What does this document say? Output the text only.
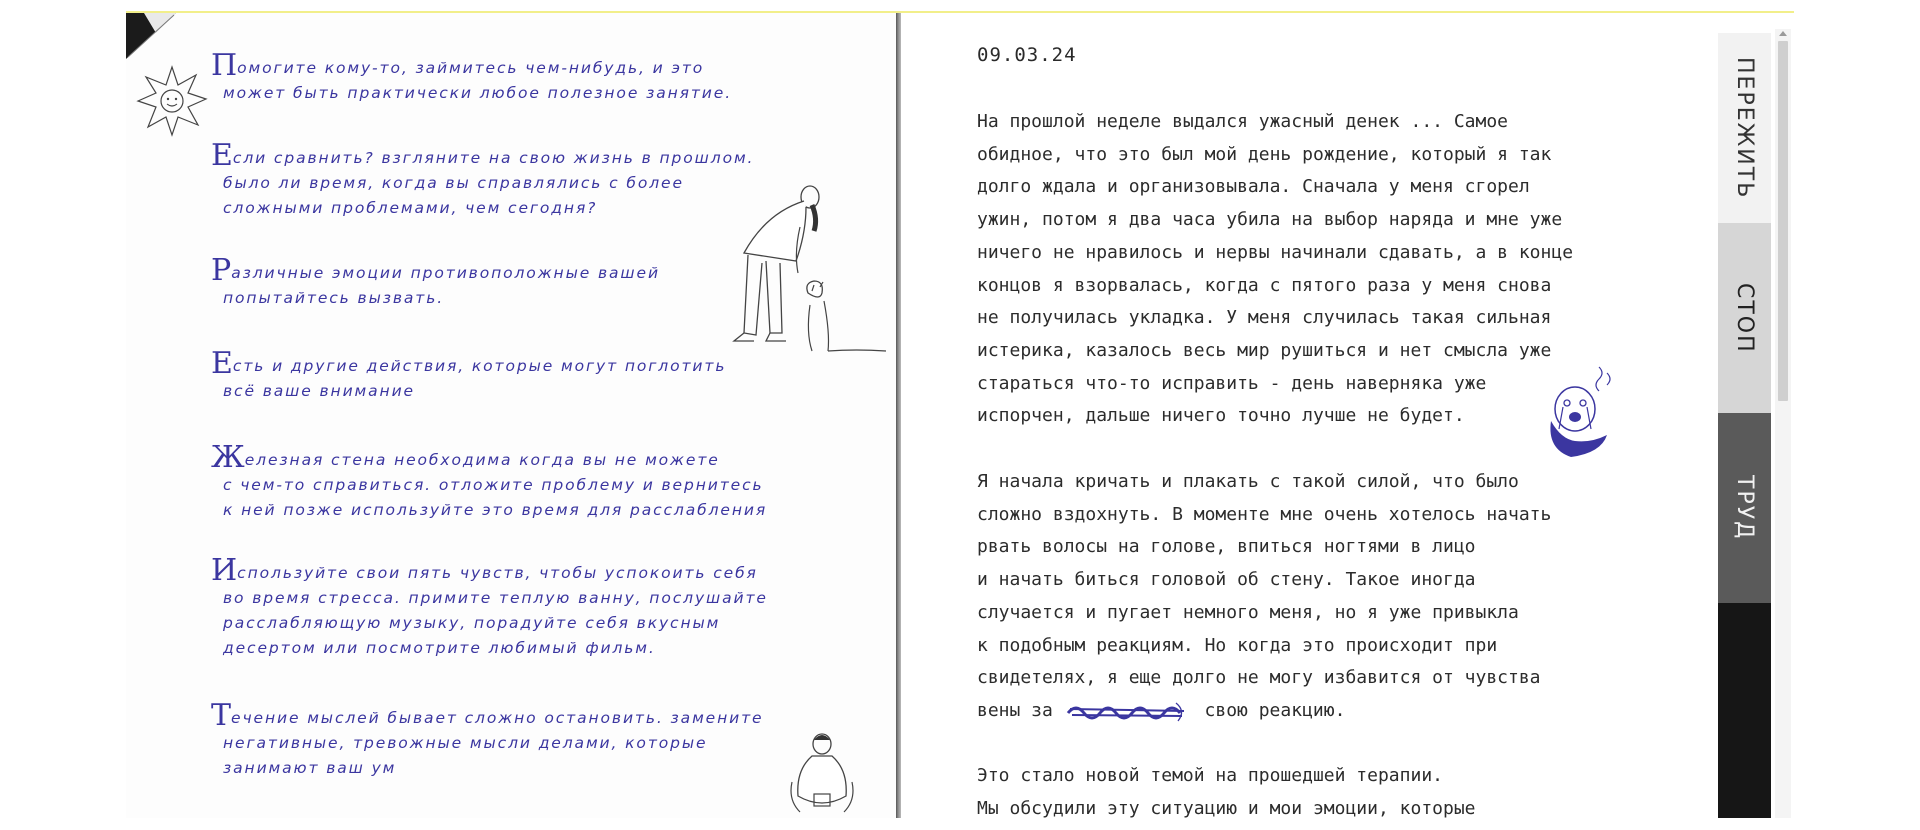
Помогите кому-то, займитесь чем-нибудь, и это
может быть практически любое полезное занятие.
Если сравнить? взгляните на свою жизнь в прошлом.
было ли время, когда вы справлялись с более
сложными проблемами, чем сегодня?
Различные эмоции противоположные вашей
попытайтесь вызвать.
Есть и другие действия, которые могут поглотить
всё ваше внимание
Железная стена необходима когда вы не можете
с чем-то справиться. отложите проблему и вернитесь
к ней позже используйте это время для расслабления
Используйте свои пять чувств, чтобы успокоить себя
во время стресса. примите теплую ванну, послушайте
расслабляющую музыку, порадуйте себя вкусным
десертом или посмотрите любимый фильм.
Течение мыслей бывает сложно остановить. замените
негативные, тревожные мысли делами, которые
занимают ваш ум
09.03.24

На прошлой неделе выдался ужасный денек ... Самое
обидное, что это был мой день рождение, который я так
долго ждала и организовывала. Сначала у меня сгорел
ужин, потом я два часа убила на выбор наряда и мне уже
ничего не нравилось и нервы начинали сдавать, а в конце
концов я взорвалась, когда с пятого раза у меня снова
не получилась укладка. У меня случилась такая сильная
истерика, казалось весь мир рушиться и нет смысла уже
стараться что-то исправить - день наверняка уже
испорчен, дальше ничего точно лучше не будет.

Я начала кричать и плакать с такой силой, что было
сложно вздохнуть. В моменте мне очень хотелось начать
рвать волосы на голове, впиться ногтями в лицо
и начать биться головой об стену. Такое иногда
случается и пугает немного меня, но я уже привыкла
к подобным реакциям. Но когда это происходит при
свидетелях, я еще долго не могу избавится от чувства
вены за	свою реакцию.

Это стало новой темой на прошедшей терапии.
Мы обсудили эту ситуацию и мои эмоции, которые

ПЕРЕЖИТЬ
СТОП
ТРУД
